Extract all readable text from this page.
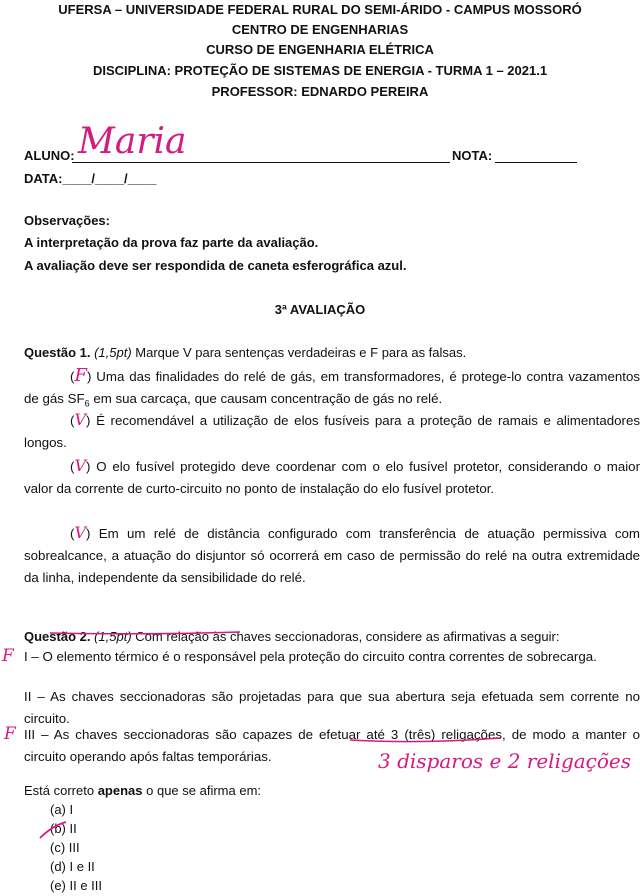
UFERSA – UNIVERSIDADE FEDERAL RURAL DO SEMI-ÁRIDO - CAMPUS MOSSORÓ
CENTRO DE ENGENHARIAS
CURSO DE ENGENHARIA ELÉTRICA
DISCIPLINA: PROTEÇÃO DE SISTEMAS DE ENERGIA - TURMA 1 – 2021.1
PROFESSOR: EDNARDO PEREIRA
ALUNO: Maria	NOTA:
DATA:____/____/____
Observações:
A interpretação da prova faz parte da avaliação.
A avaliação deve ser respondida de caneta esferográfica azul.
3ª AVALIAÇÃO
Questão 1. (1,5pt) Marque V para sentenças verdadeiras e F para as falsas.
(F) Uma das finalidades do relé de gás, em transformadores, é protege-lo contra vazamentos de gás $SF_6$ em sua carcaça, que causam concentração de gás no relé.
(V) É recomendável a utilização de elos fusíveis para a proteção de ramais e alimentadores longos.
(V) O elo fusível protegido deve coordenar com o elo fusível protetor, considerando o maior valor da corrente de curto-circuito no ponto de instalação do elo fusível protetor.
(V) Em um relé de distância configurado com transferência de atuação permissiva com sobrealcance, a atuação do disjuntor só ocorrerá em caso de permissão do relé na outra extremidade da linha, independente da sensibilidade do relé.
Questão 2. (1,5pt) Com relação às chaves seccionadoras, considere as afirmativas a seguir:
F I – O elemento térmico é o responsável pela proteção do circuito contra correntes de sobrecarga.
II – As chaves seccionadoras são projetadas para que sua abertura seja efetuada sem corrente no circuito.
F III – As chaves seccionadoras são capazes de efetuar até 3 (três) religações, de modo a manter o circuito operando após faltas temporárias.	3 disparos e 2 religações
Está correto apenas o que se afirma em:
(a) I
(b) II
(c) III
(d) I e II
(e) II e III
